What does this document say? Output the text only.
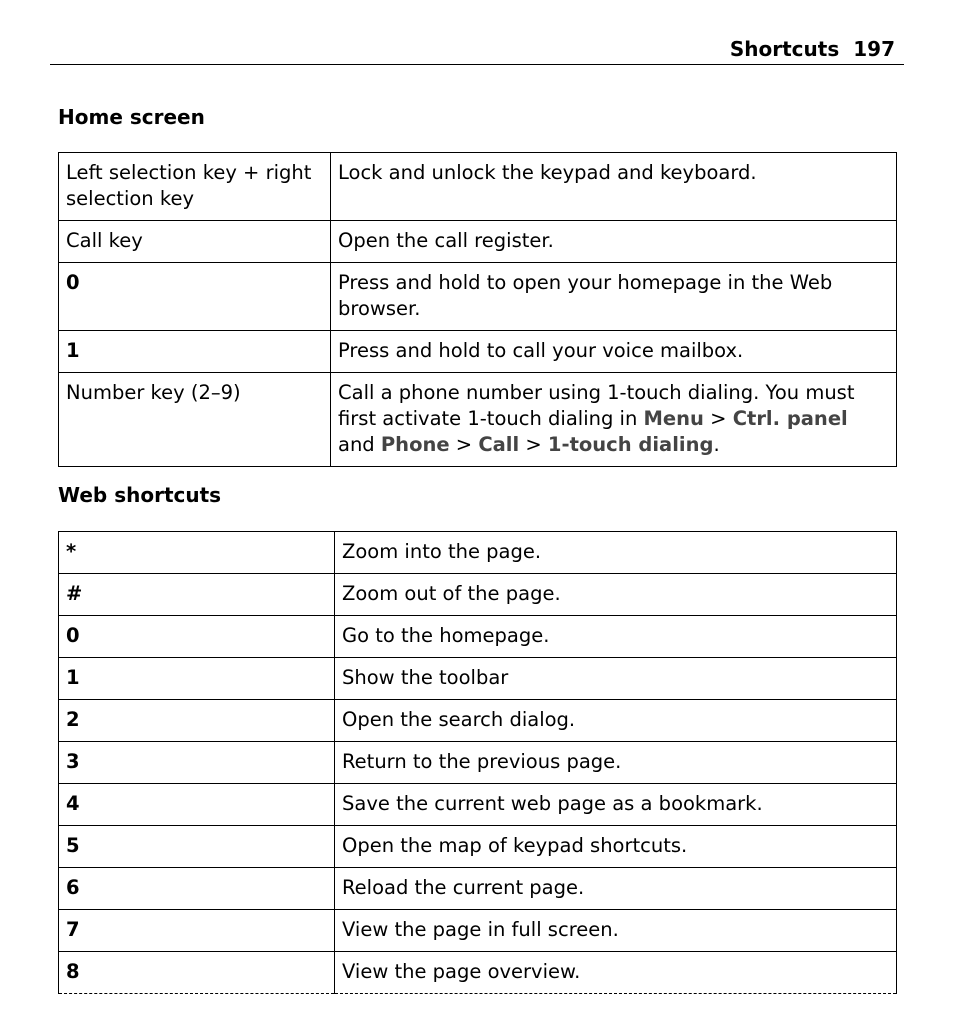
Shortcuts 197
Home screen
Left selection key + right selection key	Lock and unlock the keypad and keyboard.
Call key	Open the call register.
0	Press and hold to open your homepage in the Web browser.
1	Press and hold to call your voice mailbox.
Number key (2–9)	Call a phone number using 1-touch dialing. You must first activate 1-touch dialing in Menu > Ctrl. panel and Phone > Call > 1-touch dialing.
Web shortcuts
*	Zoom into the page.
#	Zoom out of the page.
0	Go to the homepage.
1	Show the toolbar
2	Open the search dialog.
3	Return to the previous page.
4	Save the current web page as a bookmark.
5	Open the map of keypad shortcuts.
6	Reload the current page.
7	View the page in full screen.
8	View the page overview.
